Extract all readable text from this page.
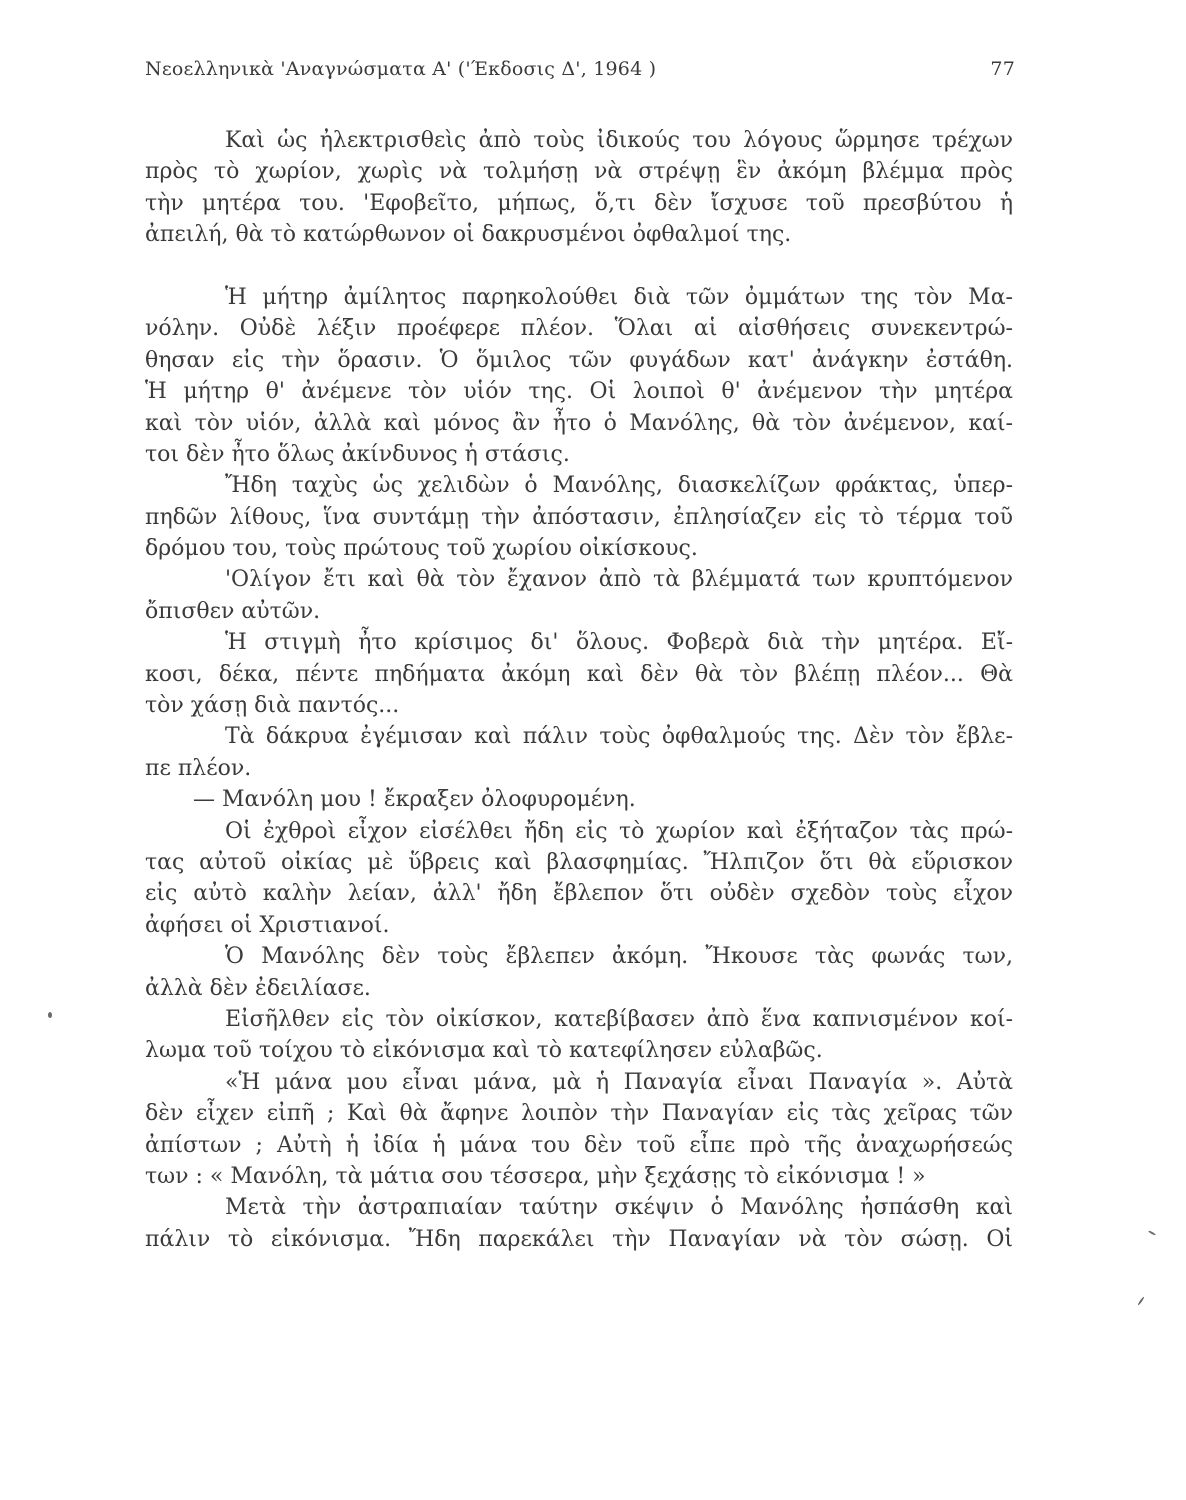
Νεοελληνικὰ 'Αναγνώσματα Α' ('Έκδοσις Δ', 1964 )	77
Καὶ ὡς ἠλεκτρισθεὶς ἀπὸ τοὺς ἰδικούς του λόγους ὥρμησε τρέχων
πρὸς τὸ χωρίον, χωρὶς νὰ τολμήσῃ νὰ στρέψῃ ἓν ἀκόμη βλέμμα πρὸς
τὴν μητέρα του. 'Εφοβεῖτο, μήπως, ὅ,τι δὲν ἴσχυσε τοῦ πρεσβύτου ἡ
ἀπειλή, θὰ τὸ κατώρθωνον οἱ δακρυσμένοι ὀφθαλμοί της.
Ἡ μήτηρ ἀμίλητος παρηκολούθει διὰ τῶν ὀμμάτων της τὸν Μα-
νόλην. Οὐδὲ λέξιν προέφερε πλέον. Ὅλαι αἱ αἰσθήσεις συνεκεντρώ-
θησαν εἰς τὴν ὅρασιν. Ὁ ὅμιλος τῶν φυγάδων κατ' ἀνάγκην ἐστάθη.
Ἡ μήτηρ θ' ἀνέμενε τὸν υἱόν της. Οἱ λοιποὶ θ' ἀνέμενον τὴν μητέρα
καὶ τὸν υἱόν, ἀλλὰ καὶ μόνος ἂν ἦτο ὁ Μανόλης, θὰ τὸν ἀνέμενον, καί-
τοι δὲν ἦτο ὅλως ἀκίνδυνος ἡ στάσις.
Ἤδη ταχὺς ὡς χελιδὼν ὁ Μανόλης, διασκελίζων φράκτας, ὑπερ-
πηδῶν λίθους, ἵνα συντάμῃ τὴν ἀπόστασιν, ἐπλησίαζεν εἰς τὸ τέρμα τοῦ
δρόμου του, τοὺς πρώτους τοῦ χωρίου οἰκίσκους.
'Ολίγον ἔτι καὶ θὰ τὸν ἔχανον ἀπὸ τὰ βλέμματά των κρυπτόμενον
ὄπισθεν αὐτῶν.
Ἡ στιγμὴ ἦτο κρίσιμος δι' ὅλους. Φοβερὰ διὰ τὴν μητέρα. Εἴ-
κοσι, δέκα, πέντε πηδήματα ἀκόμη καὶ δὲν θὰ τὸν βλέπῃ πλέον... Θὰ
τὸν χάσῃ διὰ παντός...
Τὰ δάκρυα ἐγέμισαν καὶ πάλιν τοὺς ὀφθαλμούς της. Δὲν τὸν ἔβλε-
πε πλέον.
— Μανόλη μου ! ἔκραξεν ὀλοφυρομένη.
Οἱ ἐχθροὶ εἶχον εἰσέλθει ἤδη εἰς τὸ χωρίον καὶ ἐξήταζον τὰς πρώ-
τας αὐτοῦ οἰκίας μὲ ὕβρεις καὶ βλασφημίας. Ἤλπιζον ὅτι θὰ εὕρισκον
εἰς αὐτὸ καλὴν λείαν, ἀλλ' ἤδη ἔβλεπον ὅτι οὐδὲν σχεδὸν τοὺς εἶχον
ἀφήσει οἱ Χριστιανοί.
Ὁ Μανόλης δὲν τοὺς ἔβλεπεν ἀκόμη. Ἤκουσε τὰς φωνάς των,
ἀλλὰ δὲν ἐδειλίασε.
Εἰσῆλθεν εἰς τὸν οἰκίσκον, κατεβίβασεν ἀπὸ ἕνα καπνισμένον κοί-
λωμα τοῦ τοίχου τὸ εἰκόνισμα καὶ τὸ κατεφίλησεν εὐλαβῶς.
«Ἡ μάνα μου εἶναι μάνα, μὰ ἡ Παναγία εἶναι Παναγία ». Αὐτὰ
δὲν εἶχεν εἰπῆ ; Καὶ θὰ ἄφηνε λοιπὸν τὴν Παναγίαν εἰς τὰς χεῖρας τῶν
ἀπίστων ; Αὐτὴ ἡ ἰδία ἡ μάνα του δὲν τοῦ εἶπε πρὸ τῆς ἀναχωρήσεώς
των : « Μανόλη, τὰ μάτια σου τέσσερα, μὴν ξεχάσῃς τὸ εἰκόνισμα ! »
Μετὰ τὴν ἀστραπιαίαν ταύτην σκέψιν ὁ Μανόλης ἠσπάσθη καὶ
πάλιν τὸ εἰκόνισμα. Ἤδη παρεκάλει τὴν Παναγίαν νὰ τὸν σώσῃ. Οἱ
